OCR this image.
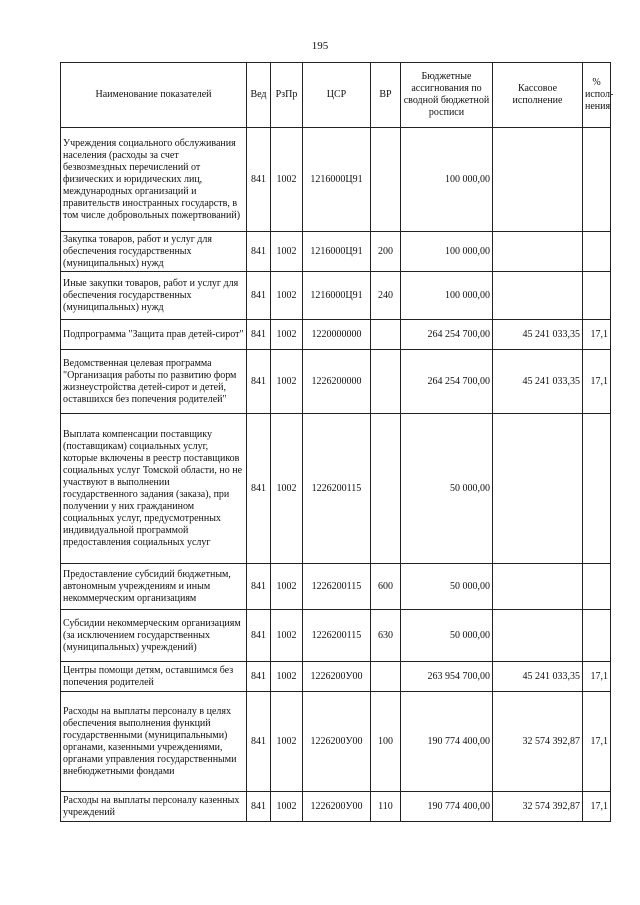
195
Наименование показателей	Вед	РзПр	ЦСР	ВР	Бюджетные ассигнования по сводной бюджетной росписи	Кассовое исполнение	% испол-нения
Учреждения социального обслуживания населения (расходы за счет безвозмездных перечислений от физических и юридических лиц, международных организаций и правительств иностранных государств, в том числе добровольных пожертвований)	841	1002	1216000Ц91		100 000,00		
Закупка товаров, работ и услуг для обеспечения государственных (муниципальных) нужд	841	1002	1216000Ц91	200	100 000,00		
Иные закупки товаров, работ и услуг для обеспечения государственных (муниципальных) нужд	841	1002	1216000Ц91	240	100 000,00		
Подпрограмма "Защита прав детей-сирот"	841	1002	1220000000		264 254 700,00	45 241 033,35	17,1
Ведомственная целевая программа "Организация работы по развитию форм жизнеустройства детей-сирот и детей, оставшихся без попечения родителей"	841	1002	1226200000		264 254 700,00	45 241 033,35	17,1
Выплата компенсации поставщику (поставщикам) социальных услуг, которые включены в реестр поставщиков социальных услуг Томской области, но не участвуют в выполнении государственного задания (заказа), при получении у них гражданином социальных услуг, предусмотренных индивидуальной программой предоставления социальных услуг	841	1002	1226200115		50 000,00		
Предоставление субсидий бюджетным, автономным учреждениям и иным некоммерческим организациям	841	1002	1226200115	600	50 000,00		
Субсидии некоммерческим организациям (за исключением государственных (муниципальных) учреждений)	841	1002	1226200115	630	50 000,00		
Центры помощи детям, оставшимся без попечения родителей	841	1002	1226200У00		263 954 700,00	45 241 033,35	17,1
Расходы на выплаты персоналу в целях обеспечения выполнения функций государственными (муниципальными) органами, казенными учреждениями, органами управления государственными внебюджетными фондами	841	1002	1226200У00	100	190 774 400,00	32 574 392,87	17,1
Расходы на выплаты персоналу казенных учреждений	841	1002	1226200У00	110	190 774 400,00	32 574 392,87	17,1
